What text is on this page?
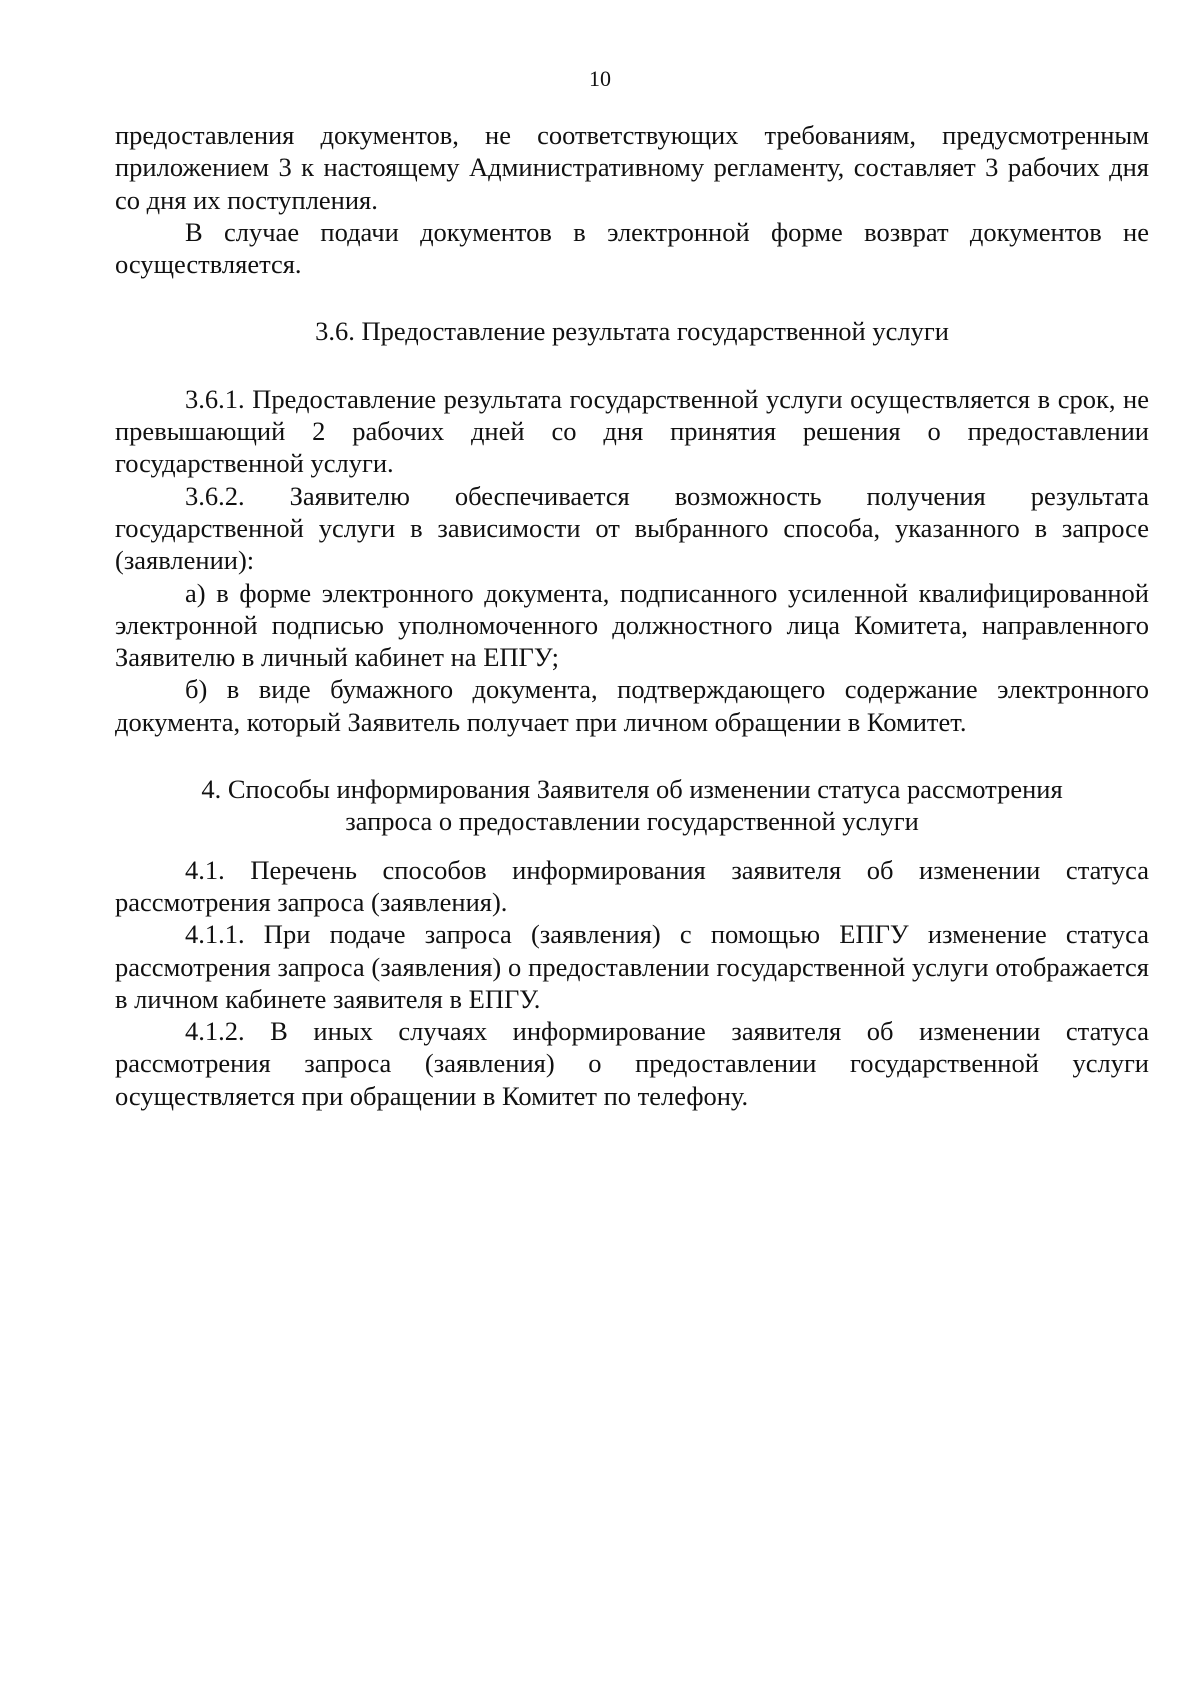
10

предоставления документов, не соответствующих требованиям, предусмотренным приложением 3 к настоящему Административному регламенту, составляет 3 рабочих дня со дня их поступления.

В случае подачи документов в электронной форме возврат документов не осуществляется.

3.6. Предоставление результата государственной услуги

3.6.1. Предоставление результата государственной услуги осуществляется в срок, не превышающий 2 рабочих дней со дня принятия решения о предоставлении государственной услуги.

3.6.2. Заявителю обеспечивается возможность получения результата государственной услуги в зависимости от выбранного способа, указанного в запросе (заявлении):

а) в форме электронного документа, подписанного усиленной квалифицированной электронной подписью уполномоченного должностного лица Комитета, направленного Заявителю в личный кабинет на ЕПГУ;

б) в виде бумажного документа, подтверждающего содержание электронного документа, который Заявитель получает при личном обращении в Комитет.

4. Способы информирования Заявителя об изменении статуса рассмотрения

запроса о предоставлении государственной услуги

4.1. Перечень способов информирования заявителя об изменении статуса рассмотрения запроса (заявления).

4.1.1. При подаче запроса (заявления) с помощью ЕПГУ изменение статуса рассмотрения запроса (заявления) о предоставлении государственной услуги отображается в личном кабинете заявителя в ЕПГУ.

4.1.2. В иных случаях информирование заявителя об изменении статуса рассмотрения запроса (заявления) о предоставлении государственной услуги осуществляется при обращении в Комитет по телефону.
